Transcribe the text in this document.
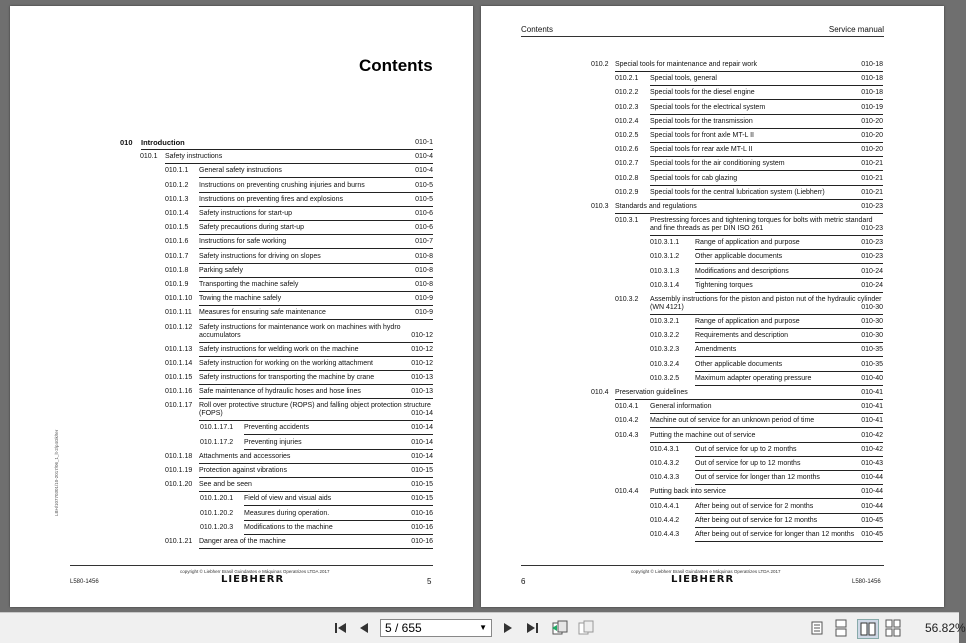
Contents
010 Introduction	010-1
010.1 Safety instructions	010-4
010.1.1 General safety instructions	010-4
010.1.2 Instructions on preventing crushing injuries and burns	010-5
010.1.3 Instructions on preventing fires and explosions	010-5
010.1.4 Safety instructions for start-up	010-6
010.1.5 Safety precautions during start-up	010-6
010.1.6 Instructions for safe working	010-7
010.1.7 Safety instructions for driving on slopes	010-8
010.1.8 Parking safely	010-8
010.1.9 Transporting the machine safely	010-8
010.1.10 Towing the machine safely	010-9
010.1.11 Measures for ensuring safe maintenance	010-9
010.1.12 Safety instructions for maintenance work on machines with hydro accumulators	010-12
010.1.13 Safety instructions for welding work on the machine	010-12
010.1.14 Safety instruction for working on the working attachment	010-12
010.1.15 Safety instructions for transporting the machine by crane	010-13
010.1.16 Safe maintenance of hydraulic hoses and hose lines	010-13
010.1.17 Roll over protective structure (ROPS) and falling object protection structure (FOPS)	010-14
010.1.17.1 Preventing accidents	010-14
010.1.17.2 Preventing injuries	010-14
010.1.18 Attachments and accessories	010-14
010.1.19 Protection against vibrations	010-15
010.1.20 See and be seen	010-15
010.1.20.1 Field of view and visual aids	010-15
010.1.20.2 Measures during operation.	010-16
010.1.20.3 Modifications to the machine	010-16
010.1.21 Danger area of the machine	010-16
LBH/10770301/10-2017/06_1_lt-2/p4Gk/ter
copyright © Liebherr Brasil Guindastes e Máquinas Operatrizes LTDA 2017
LIEBHERR
L580-1456	5
Contents	Service manual
010.2 Special tools for maintenance and repair work	010-18
010.2.1 Special tools, general	010-18
010.2.2 Special tools for the diesel engine	010-18
010.2.3 Special tools for the electrical system	010-19
010.2.4 Special tools for the transmission	010-20
010.2.5 Special tools for front axle MT-L II	010-20
010.2.6 Special tools for rear axle MT-L II	010-20
010.2.7 Special tools for the air conditioning system	010-21
010.2.8 Special tools for cab glazing	010-21
010.2.9 Special tools for the central lubrication system (Liebherr)	010-21
010.3 Standards and regulations	010-23
010.3.1 Prestressing forces and tightening torques for bolts with metric standard and fine threads as per DIN ISO 261	010-23
010.3.1.1 Range of application and purpose	010-23
010.3.1.2 Other applicable documents	010-23
010.3.1.3 Modifications and descriptions	010-24
010.3.1.4 Tightening torques	010-24
010.3.2 Assembly instructions for the piston and piston nut of the hydraulic cylinder (WN 4121)	010-30
010.3.2.1 Range of application and purpose	010-30
010.3.2.2 Requirements and description	010-30
010.3.2.3 Amendments	010-35
010.3.2.4 Other applicable documents	010-35
010.3.2.5 Maximum adapter operating pressure	010-40
010.4 Preservation guidelines	010-41
010.4.1 General information	010-41
010.4.2 Machine out of service for an unknown period of time	010-41
010.4.3 Putting the machine out of service	010-42
010.4.3.1 Out of service for up to 2 months	010-42
010.4.3.2 Out of service for up to 12 months	010-43
010.4.3.3 Out of service for longer than 12 months	010-44
010.4.4 Putting back into service	010-44
010.4.4.1 After being out of service for 2 months	010-44
010.4.4.2 After being out of service for 12 months	010-45
010.4.4.3 After being out of service for longer than 12 months	010-45
copyright © Liebherr Brasil Guindastes e Máquinas Operatrizes LTDA 2017
LIEBHERR
6	L580-1456
5 / 655	▼	56.82%
